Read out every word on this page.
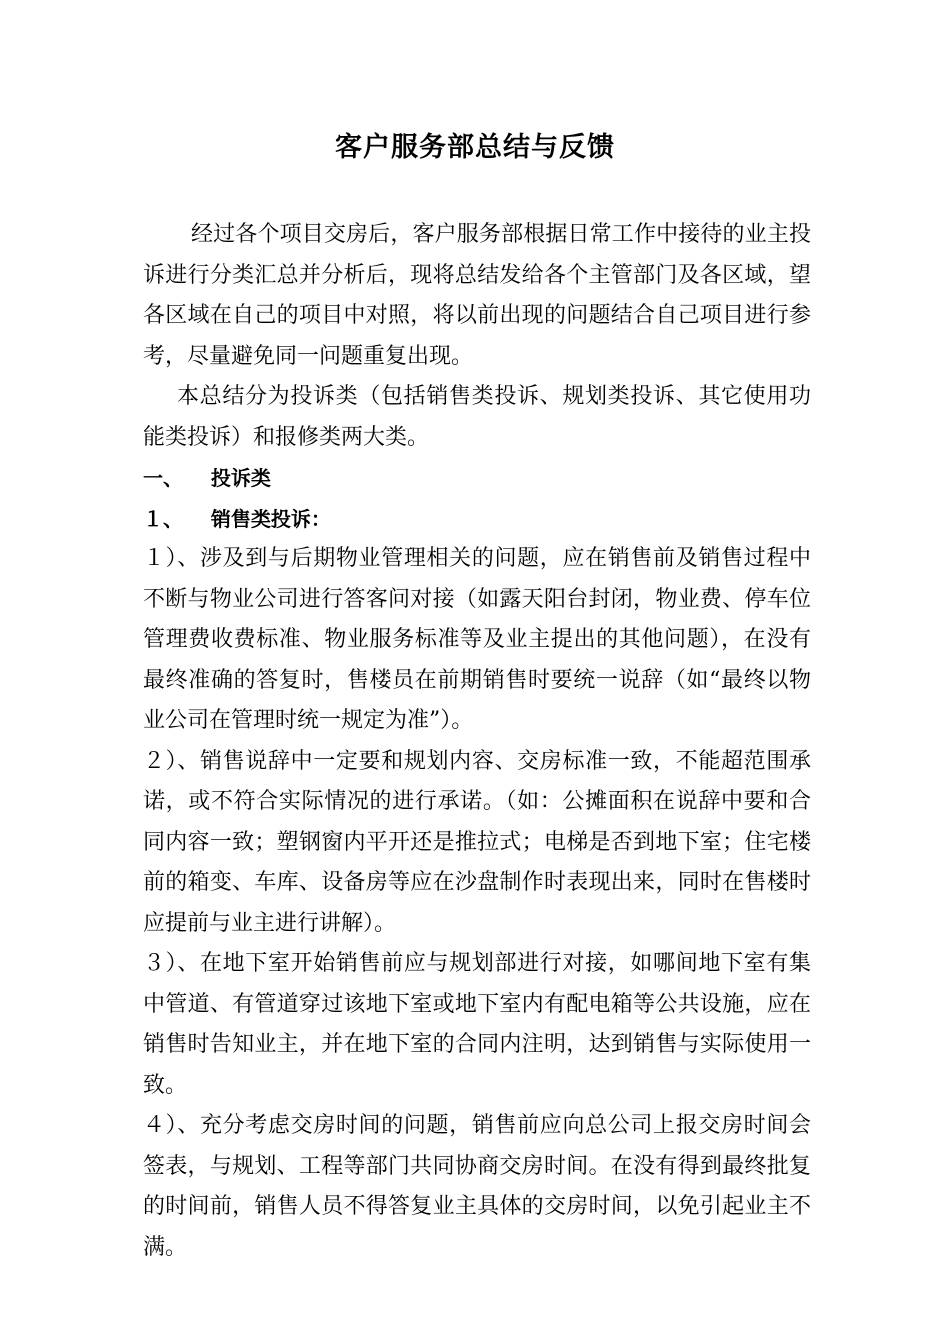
客户服务部总结与反馈

经过各个项目交房后，客户服务部根据日常工作中接待的业主投诉进行分类汇总并分析后，现将总结发给各个主管部门及各区域，望各区域在自己的项目中对照，将以前出现的问题结合自己项目进行参考，尽量避免同一问题重复出现。

本总结分为投诉类（包括销售类投诉、规划类投诉、其它使用功能类投诉）和报修类两大类。

一、    投诉类

１、    销售类投诉：

１）、涉及到与后期物业管理相关的问题，应在销售前及销售过程中不断与物业公司进行答客问对接（如露天阳台封闭，物业费、停车位管理费收费标准、物业服务标准等及业主提出的其他问题），在没有最终准确的答复时，售楼员在前期销售时要统一说辞（如“最终以物业公司在管理时统一规定为准”）。

２）、销售说辞中一定要和规划内容、交房标准一致，不能超范围承诺，或不符合实际情况的进行承诺。（如：公摊面积在说辞中要和合同内容一致；塑钢窗内平开还是推拉式；电梯是否到地下室；住宅楼前的箱变、车库、设备房等应在沙盘制作时表现出来，同时在售楼时应提前与业主进行讲解）。

３）、在地下室开始销售前应与规划部进行对接，如哪间地下室有集中管道、有管道穿过该地下室或地下室内有配电箱等公共设施，应在销售时告知业主，并在地下室的合同内注明，达到销售与实际使用一致。

４）、充分考虑交房时间的问题，销售前应向总公司上报交房时间会签表，与规划、工程等部门共同协商交房时间。在没有得到最终批复的时间前，销售人员不得答复业主具体的交房时间，以免引起业主不满。
